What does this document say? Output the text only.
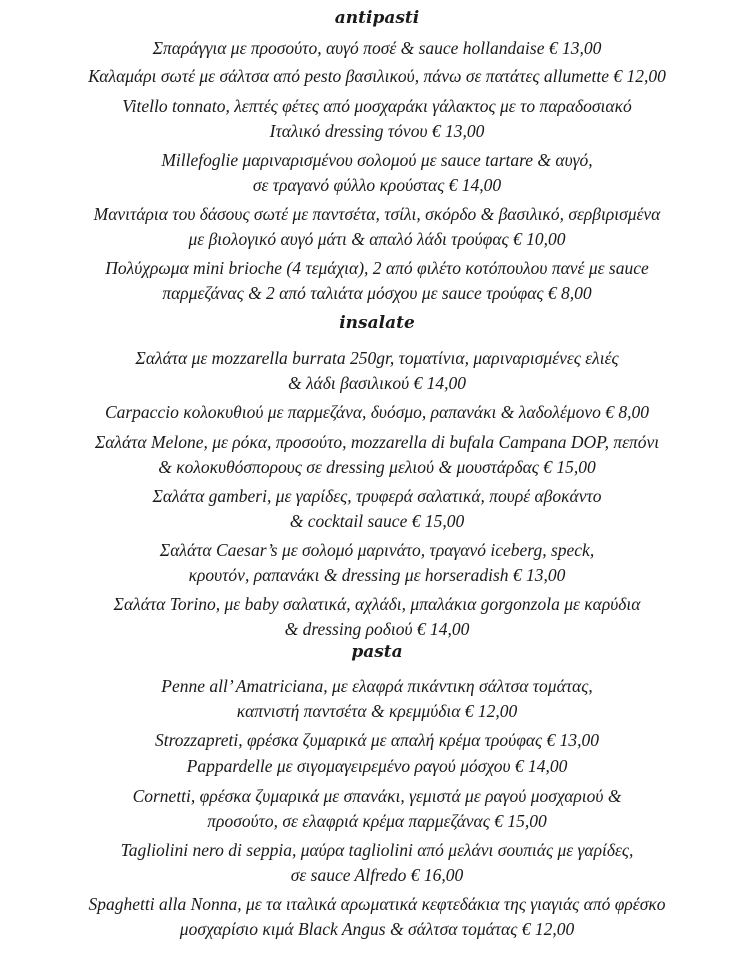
antipasti
Σπαράγγια με προσούτο, αυγό ποσέ & sauce hollandaise € 13,00
Καλαμάρι σωτέ με σάλτσα από pesto βασιλικού, πάνω σε πατάτες allumette € 12,00
Vitello tonnato, λεπτές φέτες από μοσχαράκι γάλακτος με το παραδοσιακό
Ιταλικό dressing τόνου € 13,00
Millefoglie μαριναρισμένου σολομού με sauce tartare & αυγό,
σε τραγανό φύλλο κρούστας € 14,00
Μανιτάρια του δάσους σωτέ με παντσέτα, τσίλι, σκόρδο & βασιλικό, σερβιρισμένα
με βιολογικό αυγό μάτι & απαλό λάδι τρούφας € 10,00
Πολύχρωμα mini brioche (4 τεμάχια), 2 από φιλέτο κοτόπουλου πανέ με sauce
παρμεζάνας & 2 από ταλιάτα μόσχου με sauce τρούφας € 8,00
insalate
Σαλάτα με mozzarella burrata 250gr, τοματίνια, μαριναρισμένες ελιές
& λάδι βασιλικού € 14,00
Carpaccio κολοκυθιού με παρμεζάνα, δυόσμο, ραπανάκι & λαδολέμονο € 8,00
Σαλάτα Melone, με ρόκα, προσούτο, mozzarella di bufala Campana DOP, πεπόνι
& κολοκυθόσπορους σε dressing μελιού & μουστάρδας € 15,00
Σαλάτα gamberi, με γαρίδες, τρυφερά σαλατικά, πουρέ αβοκάντο
& cocktail sauce € 15,00
Σαλάτα Caesar’s με σολομό μαρινάτο, τραγανό iceberg, speck,
κρουτόν, ραπανάκι & dressing με horseradish € 13,00
Σαλάτα Torino, με baby σαλατικά, αχλάδι, μπαλάκια gorgonzola με καρύδια
& dressing ροδιού € 14,00
pasta
Penne all’ Amatriciana, με ελαφρά πικάντικη σάλτσα τομάτας,
καπνιστή παντσέτα & κρεμμύδια € 12,00
Strozzapreti, φρέσκα ζυμαρικά με απαλή κρέμα τρούφας € 13,00
Pappardelle με σιγομαγειρεμένο ραγού μόσχου € 14,00
Cornetti, φρέσκα ζυμαρικά με σπανάκι, γεμιστά με ραγού μοσχαριού &
προσούτο, σε ελαφριά κρέμα παρμεζάνας € 15,00
Tagliolini nero di seppia, μαύρα tagliolini από μελάνι σουπιάς με γαρίδες,
σε sauce Alfredo € 16,00
Spaghetti alla Nonna, με τα ιταλικά αρωματικά κεφτεδάκια της γιαγιάς από φρέσκο
μοσχαρίσιο κιμά Black Angus & σάλτσα τομάτας € 12,00
